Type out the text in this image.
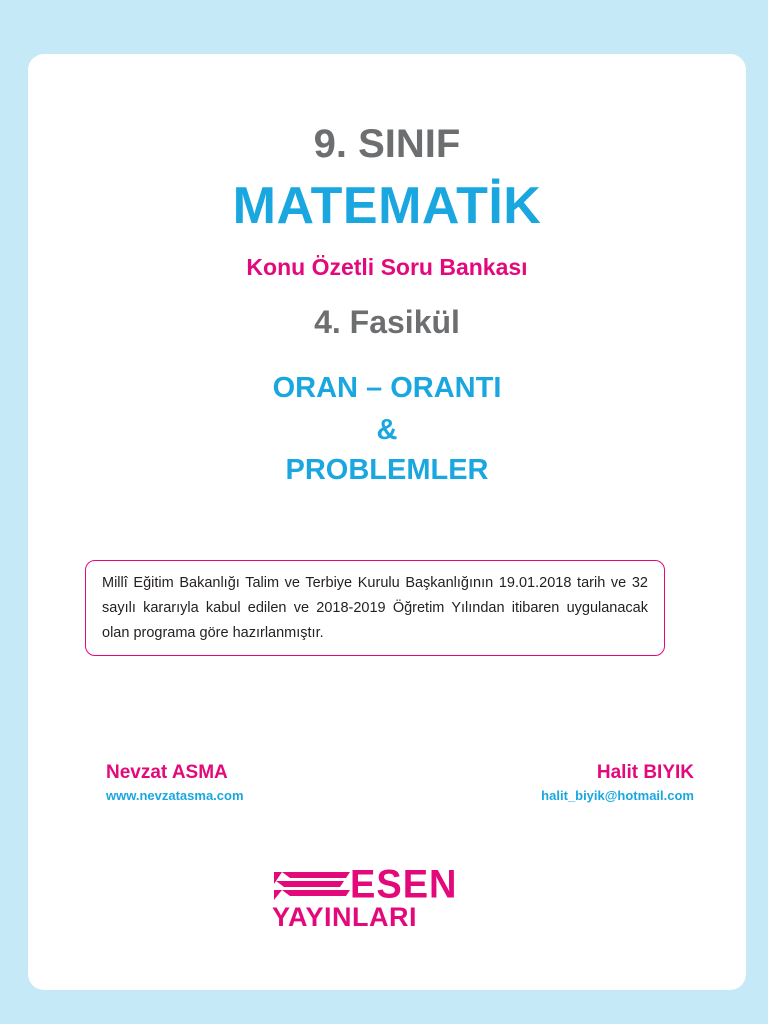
9. SINIF

MATEMATİK

Konu Özetli Soru Bankası

4. Fasikül

ORAN – ORANTI

&

PROBLEMLER

Millî Eğitim Bakanlığı Talim ve Terbiye Kurulu Başkanlığının 19.01.2018 tarih ve 32 sayılı kararıyla kabul edilen ve 2018-2019 Öğretim Yılından itibaren uygulanacak olan programa göre hazırlanmıştır.
Nevzat ASMA
www.nevzatasma.com
Halit BIYIK
halit_biyik@hotmail.com

ESEN

YAYINLARI
